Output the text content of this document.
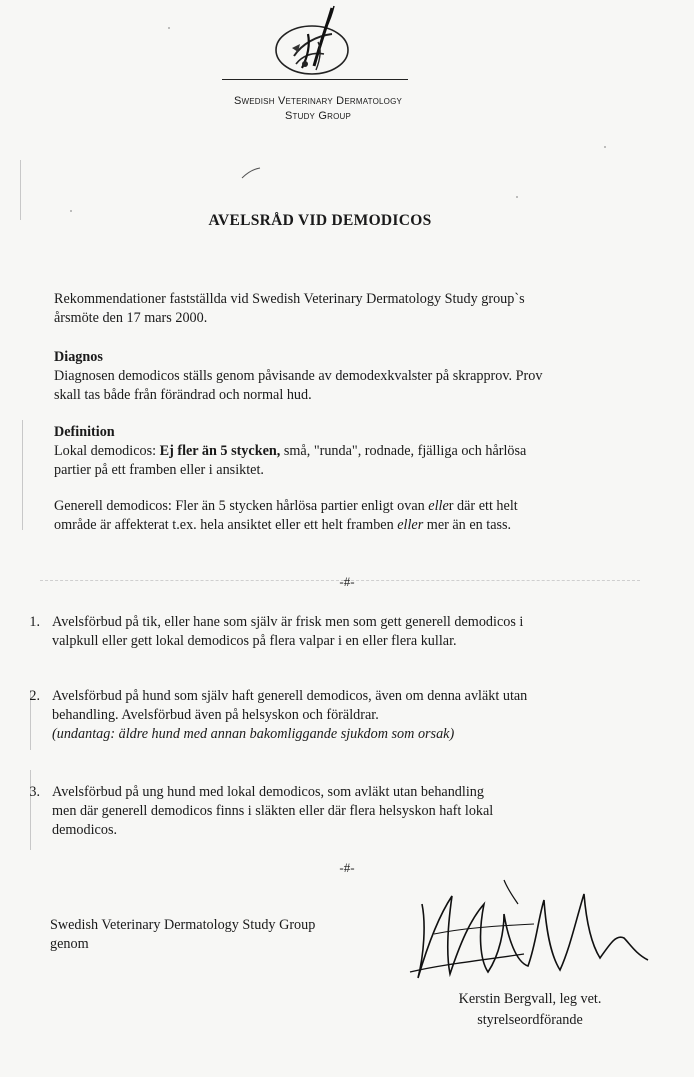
Swedish Veterinary Dermatology
Study Group
AVELSRÅD VID DEMODICOS

Rekommendationer fastställda vid Swedish Veterinary Dermatology Study group`s

årsmöte den 17 mars 2000.

Diagnos

Diagnosen demodicos ställs genom påvisande av demodexkvalster på skrapprov. Prov

skall tas både från förändrad och normal hud.

Definition

Lokal demodicos: Ej fler än 5 stycken, små, "runda", rodnade, fjälliga och hårlösa

partier på ett framben eller i ansiktet.

Generell demodicos: Fler än 5 stycken hårlösa partier enligt ovan eller där ett helt

område är affekterat t.ex. hela ansiktet eller ett helt framben eller mer än en tass.

-#-
1. Avelsförbud på tik, eller hane som själv är frisk men som gett generell demodicos i

valpkull eller gett lokal demodicos på flera valpar i en eller flera kullar.

2. Avelsförbud på hund som själv haft generell demodicos, även om denna avläkt utan

behandling. Avelsförbud även på helsyskon och föräldrar.

(undantag: äldre hund med annan bakomliggande sjukdom som orsak)

3. Avelsförbud på ung hund med lokal demodicos, som avläkt utan behandling

men där generell demodicos finns i släkten eller där flera helsyskon haft lokal

demodicos.

-#-

Swedish Veterinary Dermatology Study Group

genom

Kerstin Bergvall, leg vet.
styrelseordförande
